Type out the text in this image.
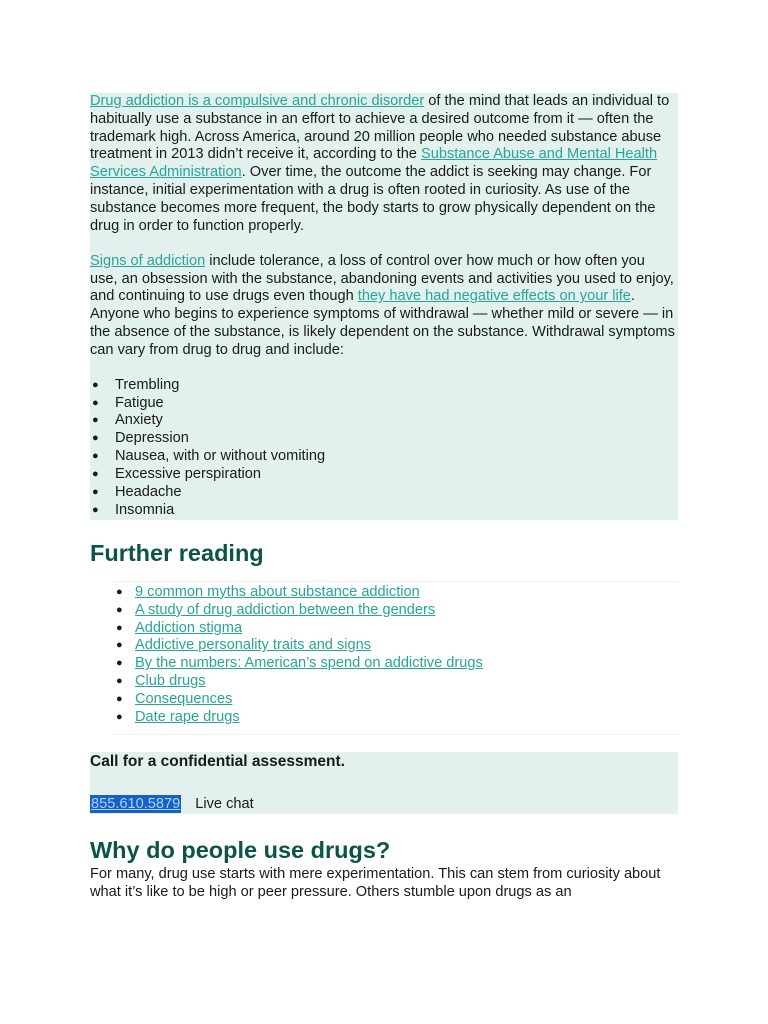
Drug addiction is a compulsive and chronic disorder of the mind that leads an individual to habitually use a substance in an effort to achieve a desired outcome from it — often the trademark high. Across America, around 20 million people who needed substance abuse treatment in 2013 didn’t receive it, according to the Substance Abuse and Mental Health Services Administration. Over time, the outcome the addict is seeking may change. For instance, initial experimentation with a drug is often rooted in curiosity. As use of the substance becomes more frequent, the body starts to grow physically dependent on the drug in order to function properly.

Signs of addiction include tolerance, a loss of control over how much or how often you use, an obsession with the substance, abandoning events and activities you used to enjoy, and continuing to use drugs even though they have had negative effects on your life. Anyone who begins to experience symptoms of withdrawal — whether mild or severe — in the absence of the substance, is likely dependent on the substance. Withdrawal symptoms can vary from drug to drug and include:

● Trembling
● Fatigue
● Anxiety
● Depression
● Nausea, with or without vomiting
● Excessive perspiration
● Headache
● Insomnia
Further reading
● 9 common myths about substance addiction
● A study of drug addiction between the genders
● Addiction stigma
● Addictive personality traits and signs
● By the numbers: American’s spend on addictive drugs
● Club drugs
● Consequences
● Date rape drugs
Call for a confidential assessment.
855.610.5879 Live chat
Why do people use drugs?

For many, drug use starts with mere experimentation. This can stem from curiosity about what it’s like to be high or peer pressure. Others stumble upon drugs as an
